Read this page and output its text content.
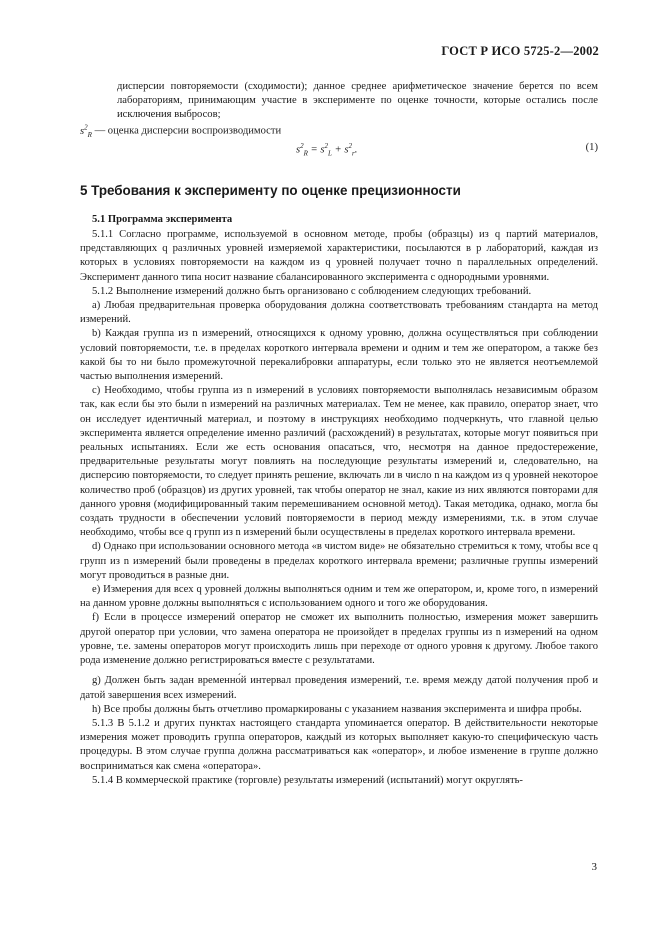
ГОСТ Р ИСО 5725-2—2002
дисперсии повторяемости (сходимости); данное среднее арифметическое значение берется по всем лабораториям, принимающим участие в эксперименте по оценке точности, которые остались после исключения выбросов;
$s^2_R$ — оценка дисперсии воспроизводимости
$s^2_R = s^2_L + s^2_r$.	(1)
5 Требования к эксперименту по оценке прецизионности
5.1 Программа эксперимента

5.1.1 Согласно программе, используемой в основном методе, пробы (образцы) из q партий материалов, представляющих q различных уровней измеряемой характеристики, посылаются в p лабораторий, каждая из которых в условиях повторяемости на каждом из q уровней получает точно n параллельных определений. Эксперимент данного типа носит название сбалансированного эксперимента с однородными уровнями.

5.1.2 Выполнение измерений должно быть организовано с соблюдением следующих требований.

a) Любая предварительная проверка оборудования должна соответствовать требованиям стандарта на метод измерений.

b) Каждая группа из n измерений, относящихся к одному уровню, должна осуществляться при соблюдении условий повторяемости, т.е. в пределах короткого интервала времени и одним и тем же оператором, а также без какой бы то ни было промежуточной перекалибровки аппаратуры, если только это не является неотъемлемой частью выполнения измерений.

c) Необходимо, чтобы группа из n измерений в условиях повторяемости выполнялась независимым образом так, как если бы это были n измерений на различных материалах. Тем не менее, как правило, оператор знает, что он исследует идентичный материал, и поэтому в инструкциях необходимо подчеркнуть, что главной целью эксперимента является определение именно различий (расхождений) в результатах, которые могут появиться при реальных испытаниях. Если же есть основания опасаться, что, несмотря на данное предостережение, предварительные результаты могут повлиять на последующие результаты измерений и, следовательно, на дисперсию повторяемости, то следует принять решение, включать ли в число n на каждом из q уровней некоторое количество проб (образцов) из других уровней, так чтобы оператор не знал, какие из них являются повторами для данного уровня (модифицированный таким перемешиванием основной метод). Такая методика, однако, могла бы создать трудности в обеспечении условий повторяемости в период между измерениями, т.к. в этом случае необходимо, чтобы все q групп из n измерений были осуществлены в пределах короткого интервала времени.

d) Однако при использовании основного метода «в чистом виде» не обязательно стремиться к тому, чтобы все q групп из n измерений были проведены в пределах короткого интервала времени; различные группы измерений могут проводиться в разные дни.

e) Измерения для всех q уровней должны выполняться одним и тем же оператором, и, кроме того, n измерений на данном уровне должны выполняться с использованием одного и того же оборудования.

f) Если в процессе измерений оператор не сможет их выполнить полностью, измерения может завершить другой оператор при условии, что замена оператора не произойдет в пределах группы из n измерений на одном уровне, т.е. замены операторов могут происходить лишь при переходе от одного уровня к другому. Любое такого рода изменение должно регистрироваться вместе с результатами.

g) Должен быть задан временно́й интервал проведения измерений, т.е. время между датой получения проб и датой завершения всех измерений.

h) Все пробы должны быть отчетливо промаркированы с указанием названия эксперимента и шифра пробы.

5.1.3 В 5.1.2 и других пунктах настоящего стандарта упоминается оператор. В действительности некоторые измерения может проводить группа операторов, каждый из которых выполняет какую-то специфическую часть процедуры. В этом случае группа должна рассматриваться как «оператор», и любое изменение в группе должно восприниматься как смена «оператора».

5.1.4 В коммерческой практике (торговле) результаты измерений (испытаний) могут округлять-

3
